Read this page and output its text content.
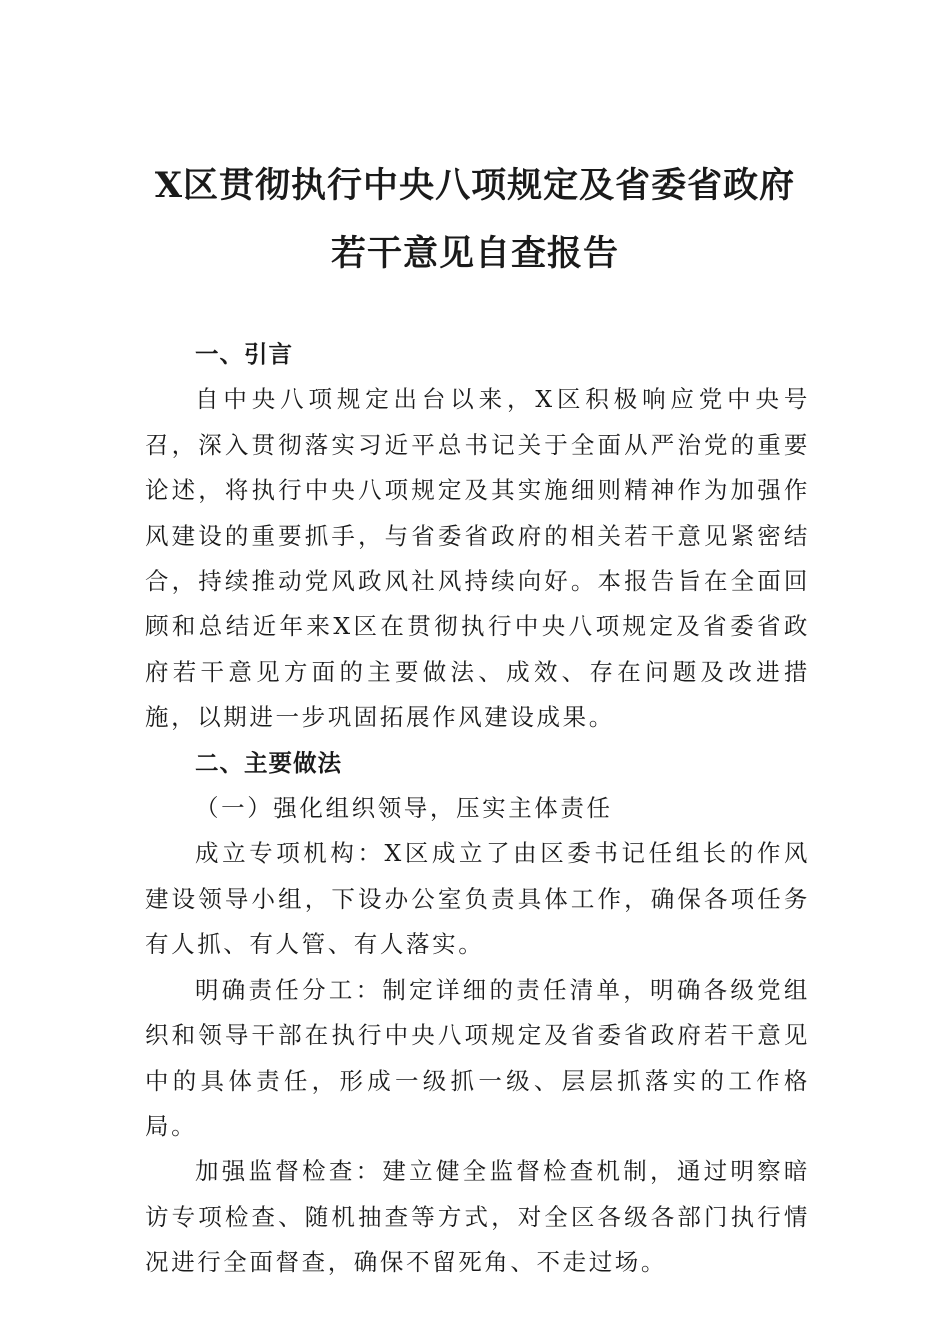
X区贯彻执行中央八项规定及省委省政府
若干意见自查报告

一、引言

自中央八项规定出台以来，X区积极响应党中央号召，深入贯彻落实习近平总书记关于全面从严治党的重要论述，将执行中央八项规定及其实施细则精神作为加强作风建设的重要抓手，与省委省政府的相关若干意见紧密结合，持续推动党风政风社风持续向好。本报告旨在全面回顾和总结近年来X区在贯彻执行中央八项规定及省委省政府若干意见方面的主要做法、成效、存在问题及改进措施，以期进一步巩固拓展作风建设成果。

二、主要做法

（一）强化组织领导，压实主体责任

成立专项机构：X区成立了由区委书记任组长的作风建设领导小组，下设办公室负责具体工作，确保各项任务有人抓、有人管、有人落实。

明确责任分工：制定详细的责任清单，明确各级党组织和领导干部在执行中央八项规定及省委省政府若干意见中的具体责任，形成一级抓一级、层层抓落实的工作格局。

加强监督检查：建立健全监督检查机制，通过明察暗访专项检查、随机抽查等方式，对全区各级各部门执行情况进行全面督查，确保不留死角、不走过场。
